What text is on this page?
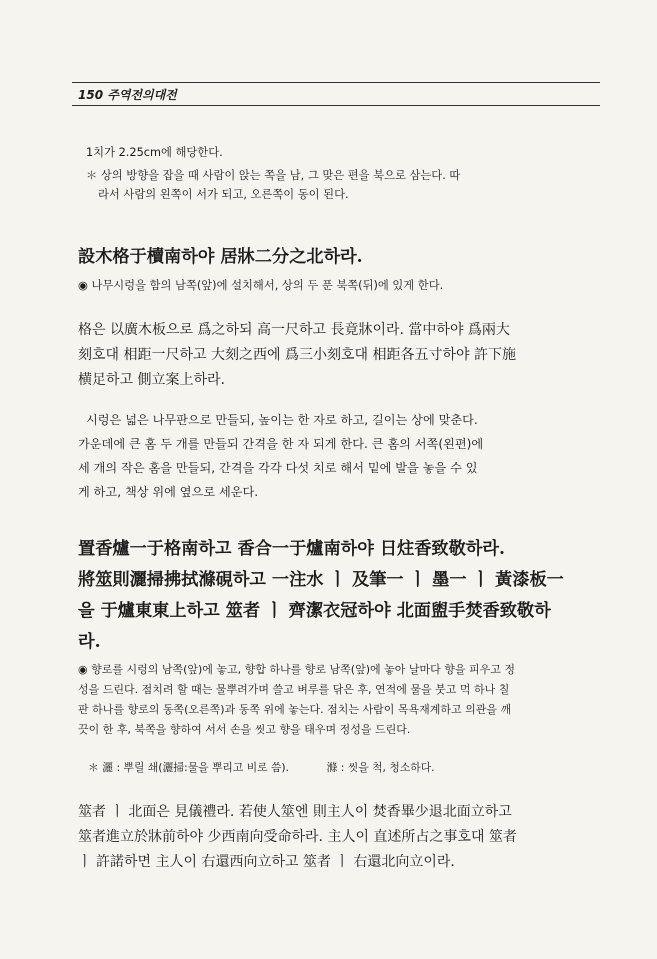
150 주역전의대전
1치가 2.25cm에 해당한다.
＊ 상의 방향을 잡을 때 사람이 앉는 쪽을 남, 그 맞은 편을 북으로 삼는다. 따
라서 사람의 왼쪽이 서가 되고, 오른쪽이 동이 된다.
設木格于櫝南하야 居牀二分之北하라.
◉ 나무시렁을 함의 남쪽(앞)에 설치해서, 상의 두 푼 북쪽(뒤)에 있게 한다.
格은 以廣木板으로 爲之하되 高一尺하고 長竟牀이라. 當中하야 爲兩大
刻호대 相距一尺하고 大刻之西에 爲三小刻호대 相距各五寸하야 許下施
横足하고 側立案上하라.
시렁은 넓은 나무판으로 만들되, 높이는 한 자로 하고, 길이는 상에 맞춘다.
가운데에 큰 홈 두 개를 만들되 간격을 한 자 되게 한다. 큰 홈의 서쪽(왼편)에
세 개의 작은 홈을 만들되, 간격을 각각 다섯 치로 해서 밑에 발을 놓을 수 있
게 하고, 책상 위에 옆으로 세운다.
置香爐一于格南하고 香合一于爐南하야 日炷香致敬하라.
將筮則灑掃拂拭滌硯하고 一注水 ㅣ 及筆一 ㅣ 墨一 ㅣ 黃漆板一
을 于爐東東上하고 筮者 ㅣ 齊潔衣冠하야 北面盥手焚香致敬하
라.
◉ 향로를 시렁의 남쪽(앞)에 놓고, 향합 하나를 향로 남쪽(앞)에 놓아 날마다 향을 피우고 정
성을 드린다. 점치려 할 때는 물뿌려가며 쓸고 벼루를 닦은 후, 연적에 물을 붓고 먹 하나 칠
판 하나를 향로의 동쪽(오른쪽)과 동쪽 위에 놓는다. 점치는 사람이 목욕재계하고 의관을 깨
끗이 한 후, 북쪽을 향하여 서서 손을 씻고 향을 태우며 정성을 드린다.
＊ 灑 : 뿌릴 쇄(灑掃:물을 뿌리고 비로 씀).	滌 : 씻을 척, 청소하다.
筮者 ㅣ 北面은 見儀禮라. 若使人筮엔 則主人이 焚香畢少退北面立하고
筮者進立於牀前하야 少西南向受命하라. 主人이 直述所占之事호대 筮者
ㅣ 許諾하면 主人이 右還西向立하고 筮者 ㅣ 右還北向立이라.
